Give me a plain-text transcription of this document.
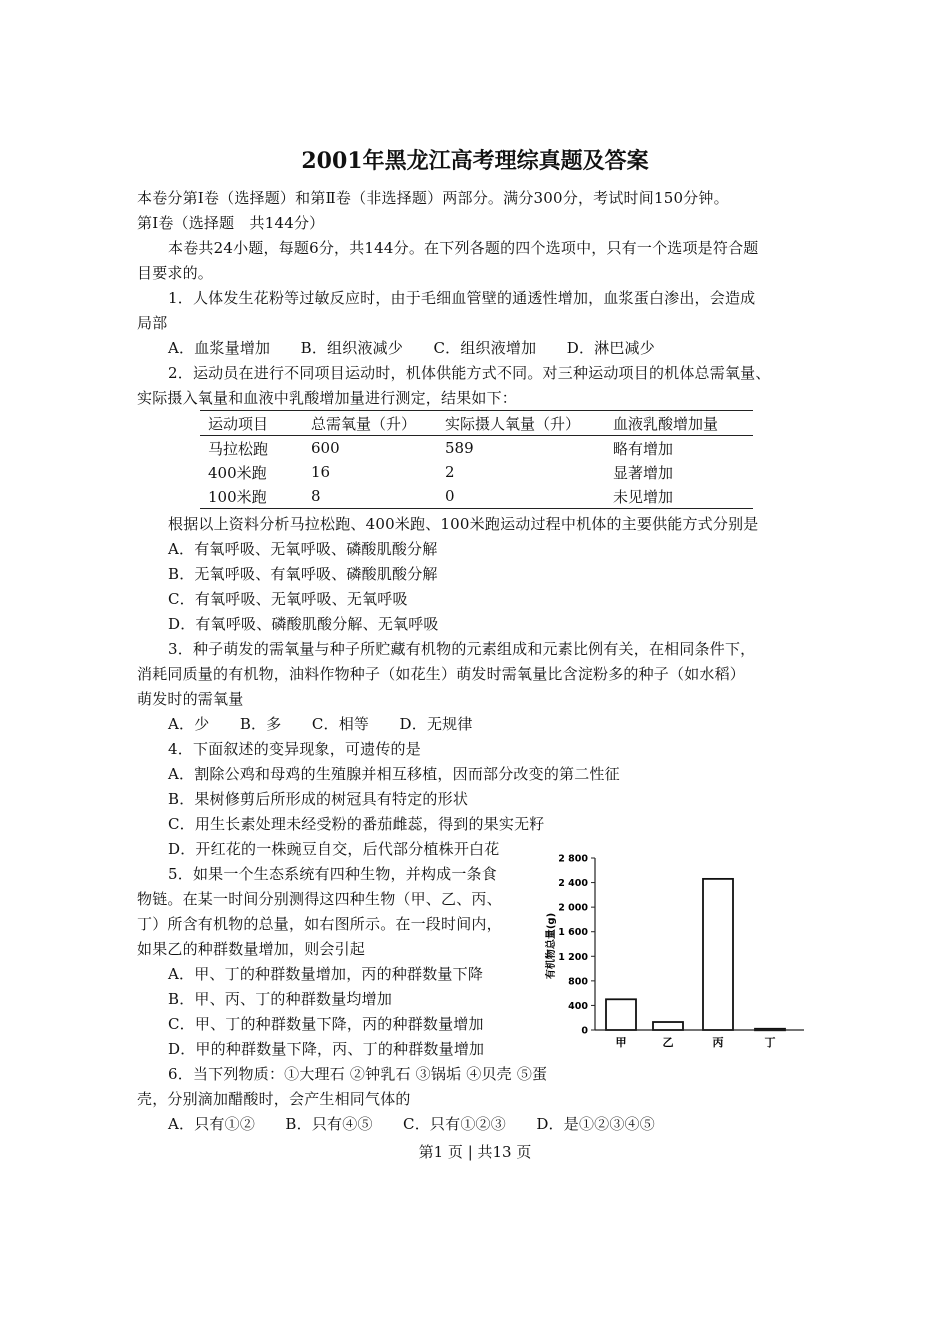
2001年黑龙江高考理综真题及答案
本卷分第Ⅰ卷（选择题）和第Ⅱ卷（非选择题）两部分。满分300分，考试时间150分钟。
第Ⅰ卷（选择题　共144分）
本卷共24小题，每题6分，共144分。在下列各题的四个选项中，只有一个选项是符合题
目要求的。
1．人体发生花粉等过敏反应时，由于毛细血管壁的通透性增加，血浆蛋白渗出，会造成
局部
A．血浆量增加　　B．组织液减少　　C．组织液增加　　D．淋巴减少
2．运动员在进行不同项目运动时，机体供能方式不同。对三种运动项目的机体总需氧量、
实际摄入氧量和血液中乳酸增加量进行测定，结果如下：
运动项目	总需氧量（升）	实际摄人氧量（升）	血液乳酸增加量
马拉松跑	600	589	略有增加
400米跑	16	2	显著增加
100米跑	8	0	未见增加
根据以上资料分析马拉松跑、400米跑、100米跑运动过程中机体的主要供能方式分别是
A．有氧呼吸、无氧呼吸、磷酸肌酸分解
B．无氧呼吸、有氧呼吸、磷酸肌酸分解
C．有氧呼吸、无氧呼吸、无氧呼吸
D．有氧呼吸、磷酸肌酸分解、无氧呼吸
3．种子萌发的需氧量与种子所贮藏有机物的元素组成和元素比例有关，在相同条件下，
消耗同质量的有机物，油料作物种子（如花生）萌发时需氧量比含淀粉多的种子（如水稻）
萌发时的需氧量
A．少　　B．多　　C．相等　　D．无规律
4．下面叙述的变异现象，可遗传的是
A．割除公鸡和母鸡的生殖腺并相互移植，因而部分改变的第二性征
B．果树修剪后所形成的树冠具有特定的形状
C．用生长素处理未经受粉的番茄雌蕊，得到的果实无籽
D．开红花的一株豌豆自交，后代部分植株开白花
5．如果一个生态系统有四种生物，并构成一条食
物链。在某一时间分别测得这四种生物（甲、乙、丙、
丁）所含有机物的总量，如右图所示。在一段时间内，
如果乙的种群数量增加，则会引起
A．甲、丁的种群数量增加，丙的种群数量下降
B．甲、丙、丁的种群数量均增加
C．甲、丁的种群数量下降，丙的种群数量增加
D．甲的种群数量下降，丙、丁的种群数量增加
6．当下列物质：①大理石 ②钟乳石 ③锅垢 ④贝壳 ⑤蛋
壳，分别滴加醋酸时，会产生相同气体的
A．只有①②　　B．只有④⑤　　C．只有①②③　　D．是①②③④⑤
第1 页 | 共13 页
0
400
800
1 200
1 600
2 000
2 400
2 800
甲	乙	丙	丁
有机物总量(g)
